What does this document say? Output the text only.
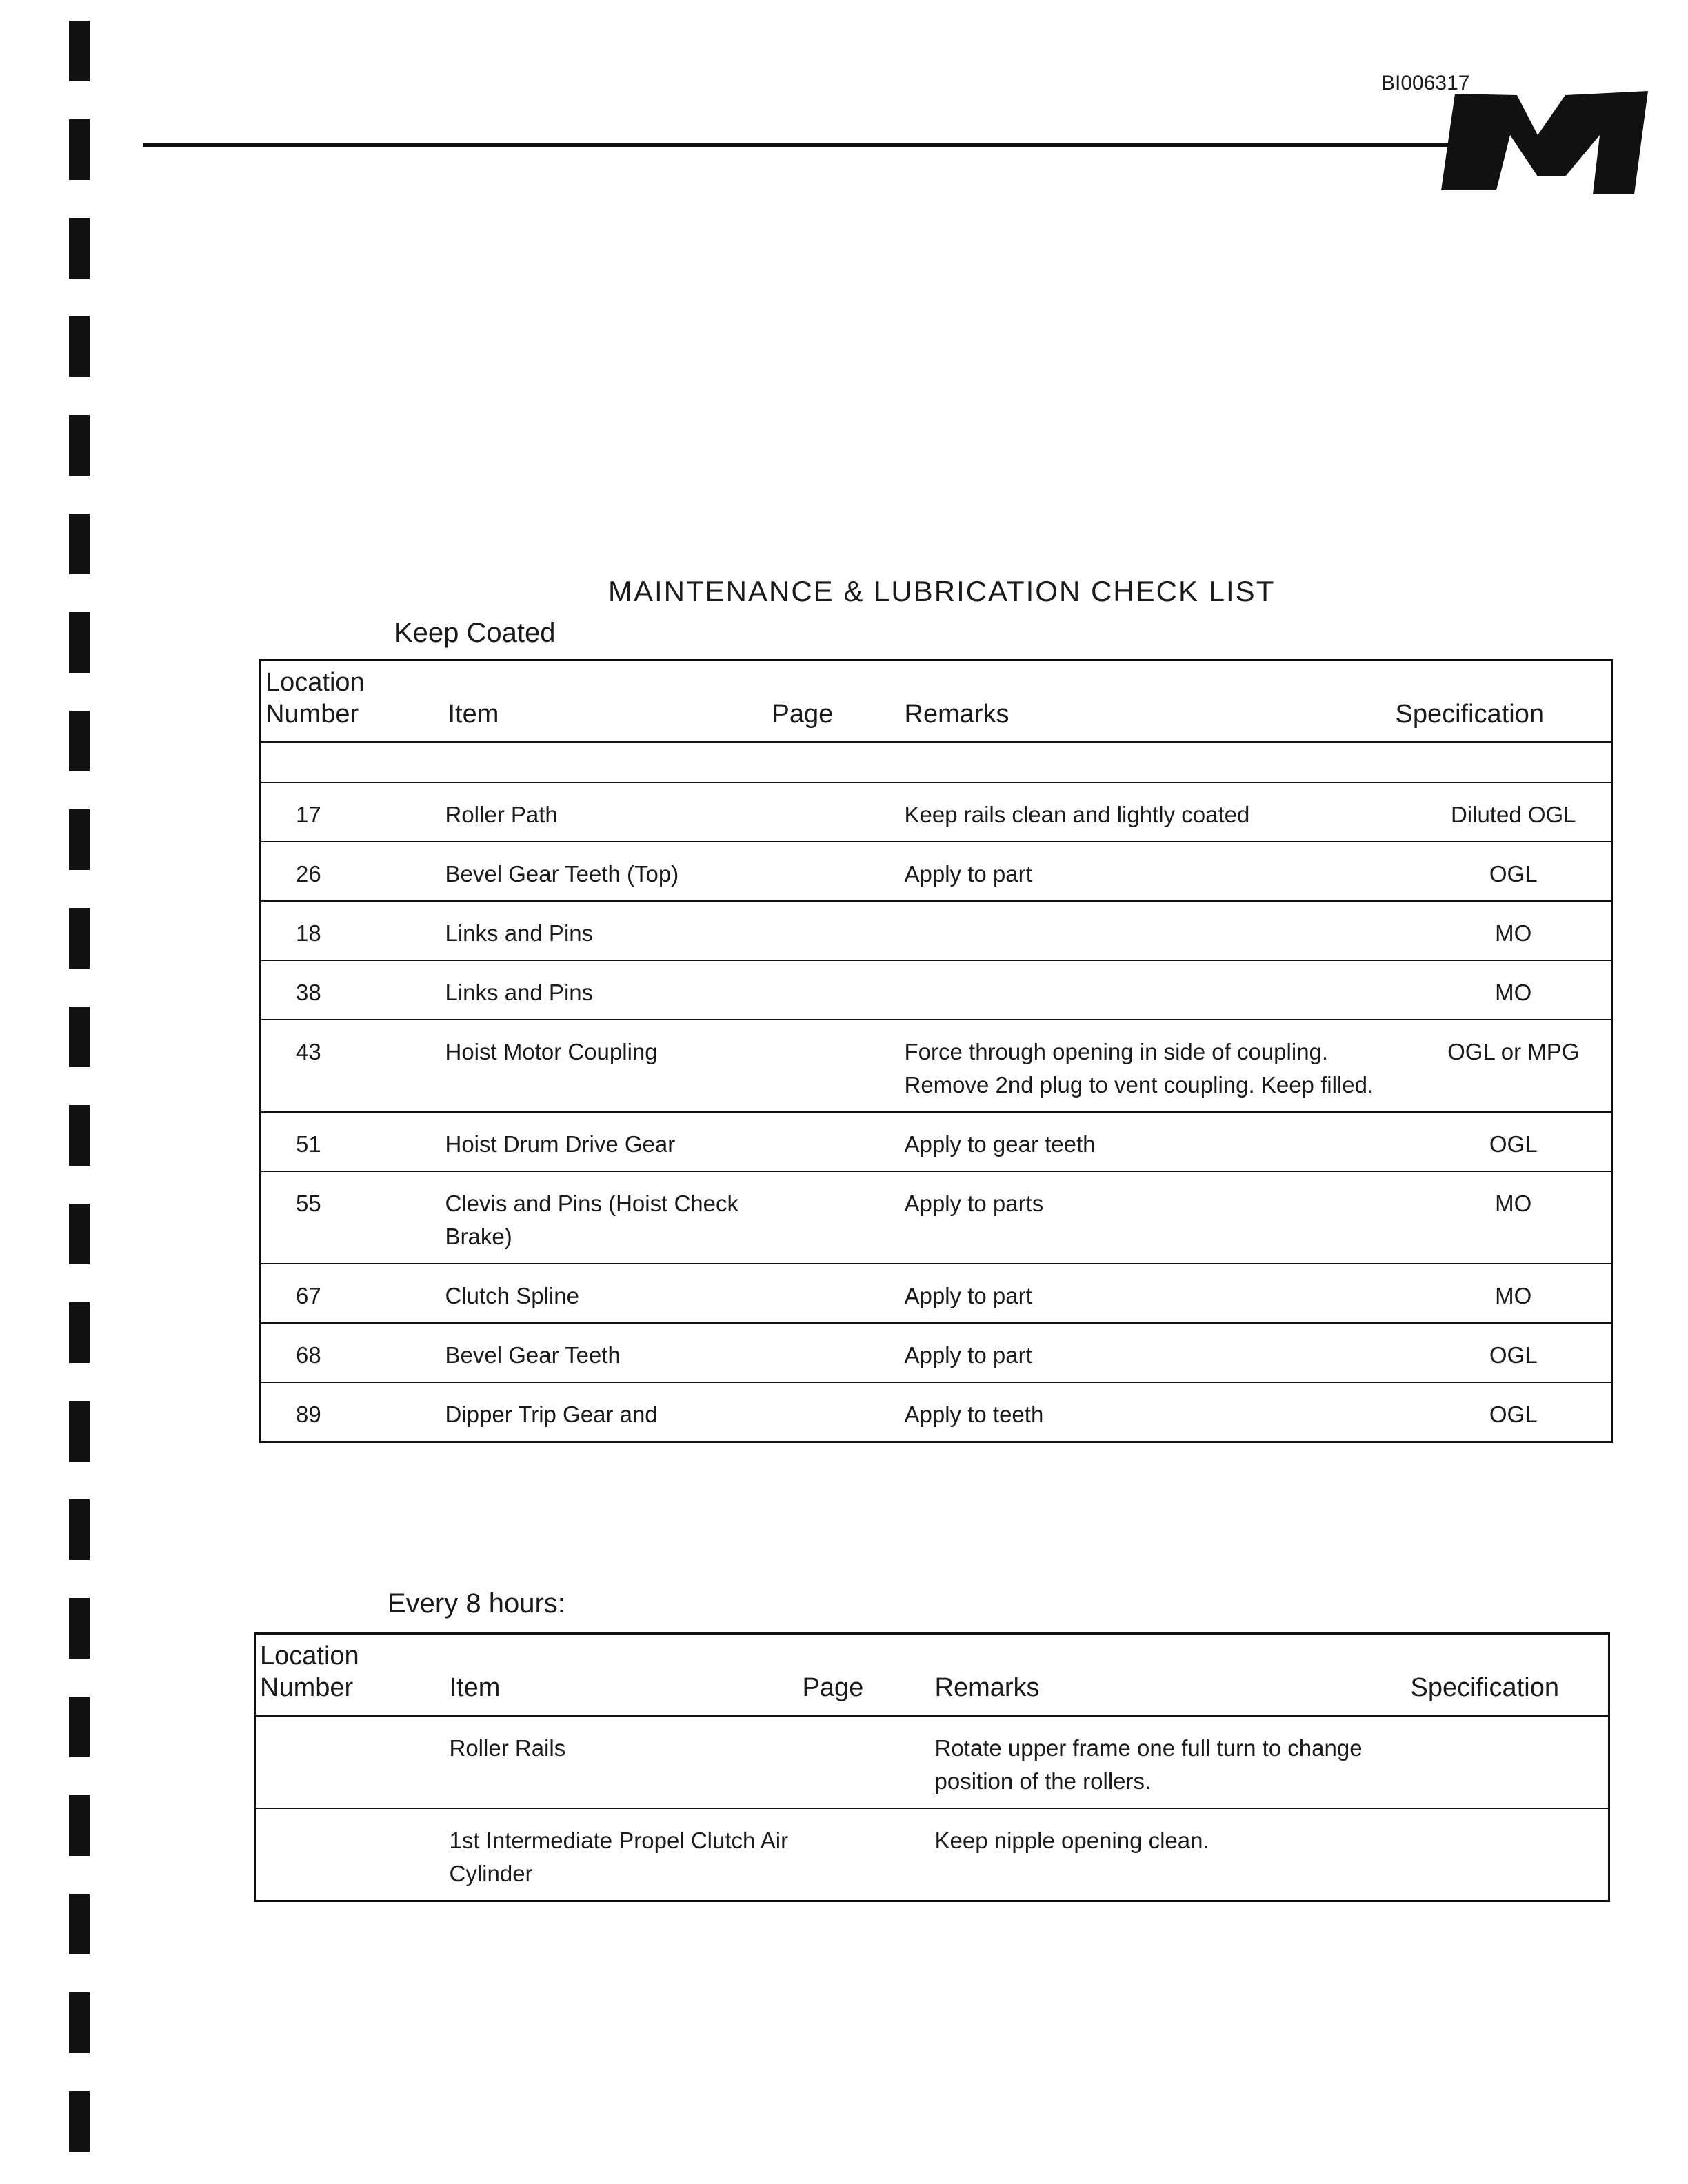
BI006317
MAINTENANCE & LUBRICATION CHECK LIST
Keep Coated
Location Number	Item	Page	Remarks	Specification

17	Roller Path		Keep rails clean and lightly coated	Diluted OGL
26	Bevel Gear Teeth (Top)		Apply to part	OGL
18	Links and Pins			MO
38	Links and Pins			MO
43	Hoist Motor Coupling		Force through opening in side of coupling. Remove 2nd plug to vent coupling. Keep filled.	OGL or MPG
51	Hoist Drum Drive Gear		Apply to gear teeth	OGL
55	Clevis and Pins (Hoist Check Brake)		Apply to parts	MO
67	Clutch Spline		Apply to part	MO
68	Bevel Gear Teeth		Apply to part	OGL
89	Dipper Trip Gear and		Apply to teeth	OGL
Every 8 hours:
Location Number	Item	Page	Remarks	Specification
	Roller Rails		Rotate upper frame one full turn to change position of the rollers.	
	1st Intermediate Propel Clutch Air Cylinder		Keep nipple opening clean.	
